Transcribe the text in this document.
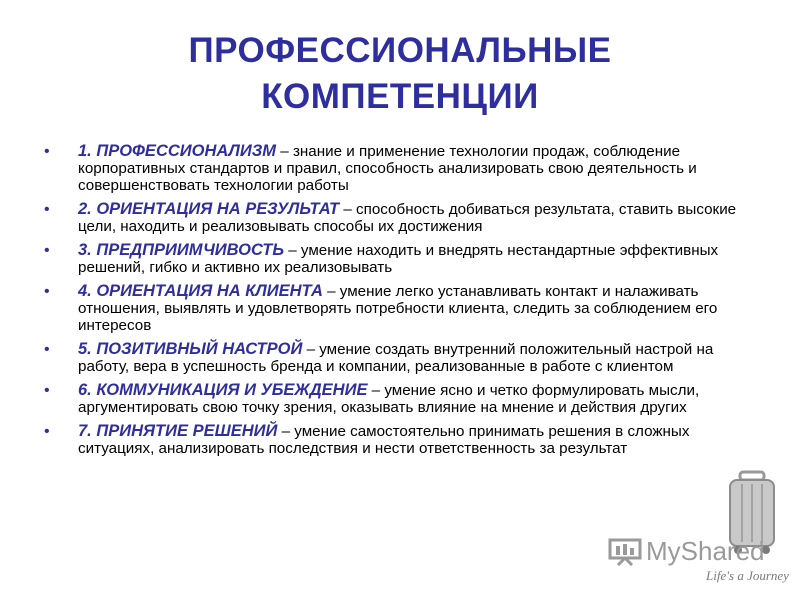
ПРОФЕССИОНАЛЬНЫЕ
КОМПЕТЕНЦИИ
• 1. ПРОФЕССИОНАЛИЗМ – знание и применение технологии продаж, соблюдение корпоративных стандартов и правил, способность анализировать свою деятельность и совершенствовать технологии работы
• 2. ОРИЕНТАЦИЯ НА РЕЗУЛЬТАТ – способность добиваться результата, ставить высокие цели, находить и реализовывать способы их достижения
• 3. ПРЕДПРИИМЧИВОСТЬ – умение находить и внедрять нестандартные эффективных решений, гибко и активно их реализовывать
• 4. ОРИЕНТАЦИЯ НА КЛИЕНТА – умение легко устанавливать контакт и налаживать отношения, выявлять и удовлетворять потребности клиента, следить за соблюдением его интересов
• 5. ПОЗИТИВНЫЙ НАСТРОЙ – умение создать внутренний положительный настрой на работу, вера в успешность бренда и компании, реализованные в работе с клиентом
• 6. КОММУНИКАЦИЯ И УБЕЖДЕНИЕ – умение ясно и четко формулировать мысли, аргументировать свою точку зрения, оказывать влияние на мнение и действия других
• 7. ПРИНЯТИЕ РЕШЕНИЙ – умение самостоятельно принимать решения в сложных ситуациях, анализировать последствия и нести ответственность за результат
MyShared
Life's a Journey
